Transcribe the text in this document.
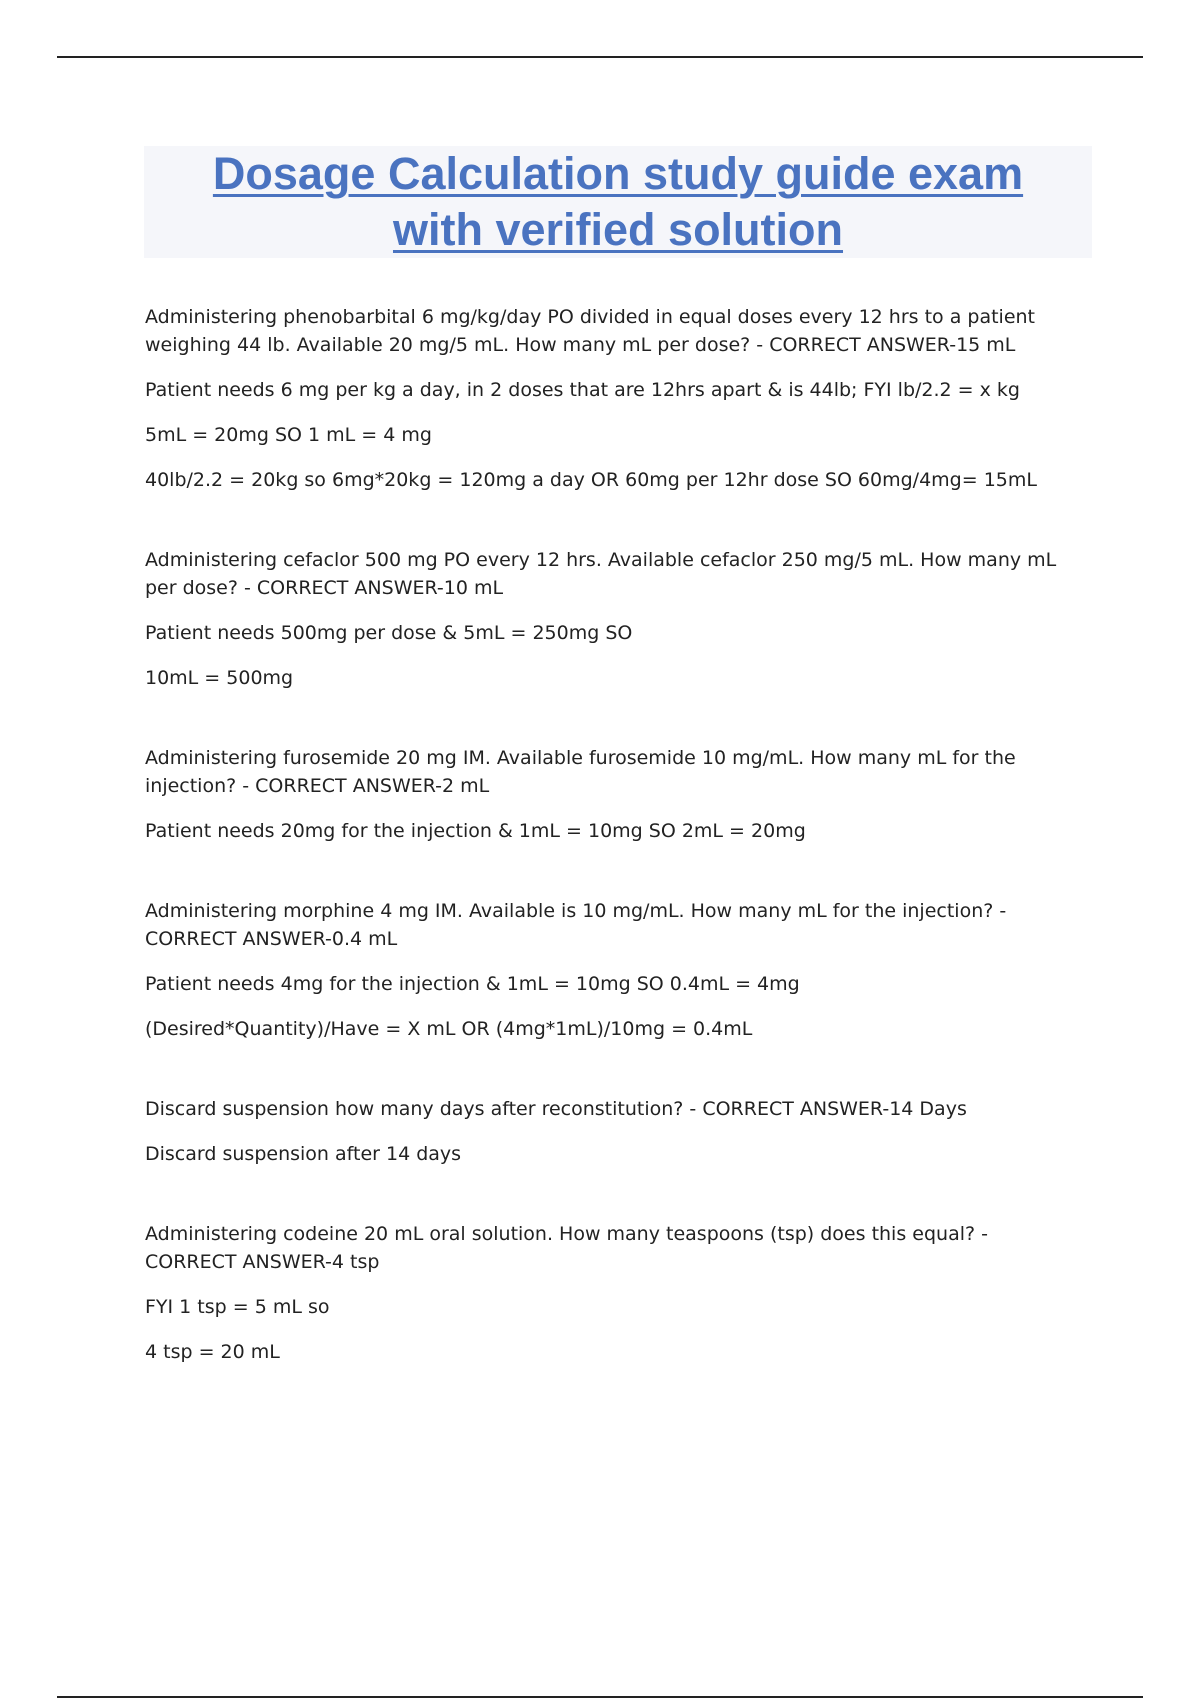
Dosage Calculation study guide exam
with verified solution

Administering phenobarbital 6 mg/kg/day PO divided in equal doses every 12 hrs to a patient weighing 44 lb. Available 20 mg/5 mL. How many mL per dose? - CORRECT ANSWER-15 mL

Patient needs 6 mg per kg a day, in 2 doses that are 12hrs apart & is 44lb; FYI lb/2.2 = x kg

5mL = 20mg SO 1 mL = 4 mg

40lb/2.2 = 20kg so 6mg*20kg = 120mg a day OR 60mg per 12hr dose SO 60mg/4mg= 15mL

Administering cefaclor 500 mg PO every 12 hrs. Available cefaclor 250 mg/5 mL. How many mL per dose? - CORRECT ANSWER-10 mL

Patient needs 500mg per dose & 5mL = 250mg SO

10mL = 500mg

Administering furosemide 20 mg IM. Available furosemide 10 mg/mL. How many mL for the injection? - CORRECT ANSWER-2 mL

Patient needs 20mg for the injection & 1mL = 10mg SO 2mL = 20mg

Administering morphine 4 mg IM. Available is 10 mg/mL. How many mL for the injection? - CORRECT ANSWER-0.4 mL

Patient needs 4mg for the injection & 1mL = 10mg SO 0.4mL = 4mg

(Desired*Quantity)/Have = X mL OR (4mg*1mL)/10mg = 0.4mL

Discard suspension how many days after reconstitution? - CORRECT ANSWER-14 Days

Discard suspension after 14 days

Administering codeine 20 mL oral solution. How many teaspoons (tsp) does this equal? - CORRECT ANSWER-4 tsp

FYI 1 tsp = 5 mL so

4 tsp = 20 mL
